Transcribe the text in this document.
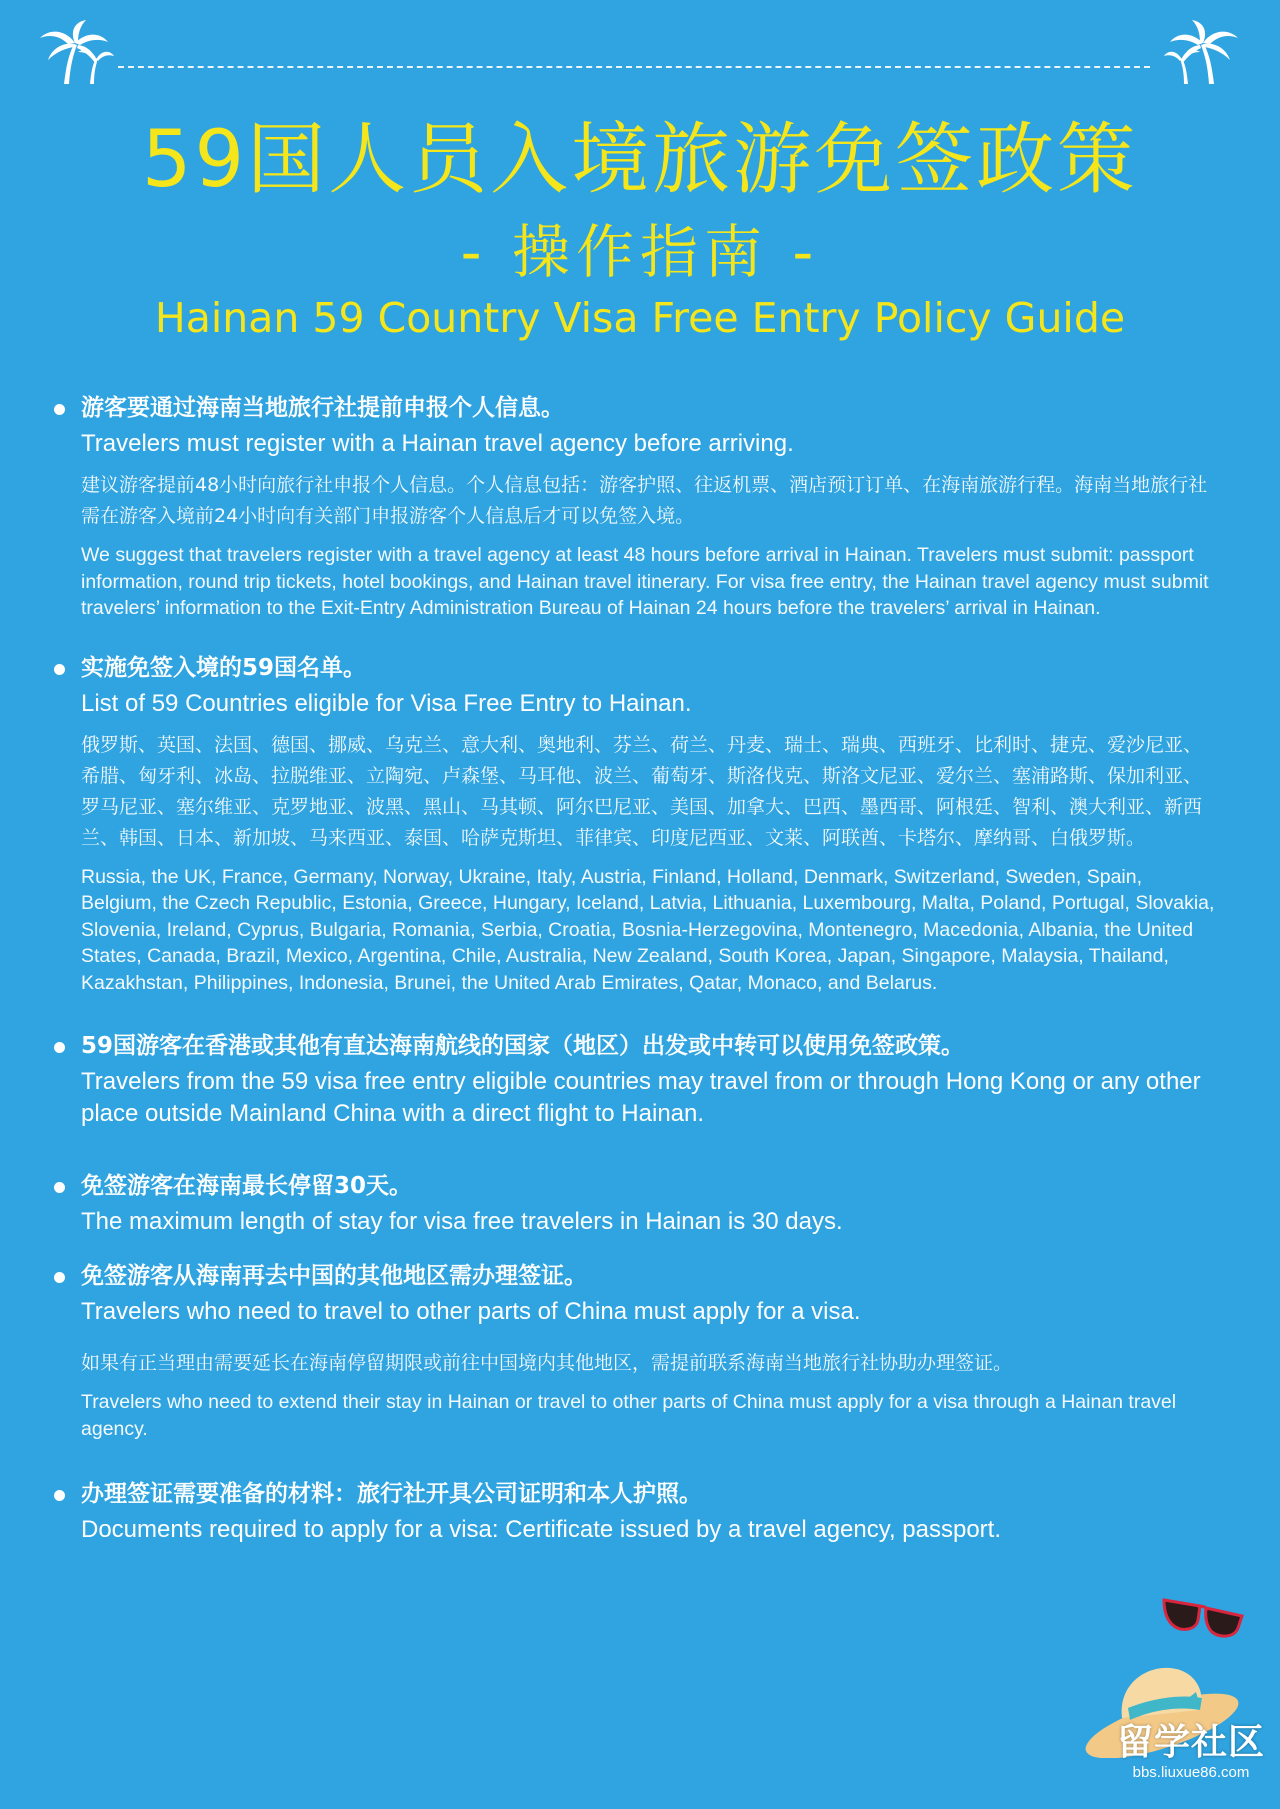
59国人员入境旅游免签政策
- 操作指南 -
Hainan 59 Country Visa Free Entry Policy Guide

游客要通过海南当地旅行社提前申报个人信息。

Travelers must register with a Hainan travel agency before arriving.

建议游客提前48小时向旅行社申报个人信息。个人信息包括：游客护照、往返机票、酒店预订订单、在海南旅游行程。海南当地旅行社需在游客入境前24小时向有关部门申报游客个人信息后才可以免签入境。

We suggest that travelers register with a travel agency at least 48 hours before arrival in Hainan. Travelers must submit: passport information, round trip tickets, hotel bookings, and Hainan travel itinerary. For visa free entry, the Hainan travel agency must submit travelers’ information to the Exit-Entry Administration Bureau of Hainan 24 hours before the travelers’ arrival in Hainan.

实施免签入境的59国名单。

List of 59 Countries eligible for Visa Free Entry to Hainan.

俄罗斯、英国、法国、德国、挪威、乌克兰、意大利、奥地利、芬兰、荷兰、丹麦、瑞士、瑞典、西班牙、比利时、捷克、爱沙尼亚、希腊、匈牙利、冰岛、拉脱维亚、立陶宛、卢森堡、马耳他、波兰、葡萄牙、斯洛伐克、斯洛文尼亚、爱尔兰、塞浦路斯、保加利亚、罗马尼亚、塞尔维亚、克罗地亚、波黑、黑山、马其顿、阿尔巴尼亚、美国、加拿大、巴西、墨西哥、阿根廷、智利、澳大利亚、新西兰、韩国、日本、新加坡、马来西亚、泰国、哈萨克斯坦、菲律宾、印度尼西亚、文莱、阿联酋、卡塔尔、摩纳哥、白俄罗斯。

Russia, the UK, France, Germany, Norway, Ukraine, Italy, Austria, Finland, Holland, Denmark, Switzerland, Sweden, Spain, Belgium, the Czech Republic, Estonia, Greece, Hungary, Iceland, Latvia, Lithuania, Luxembourg, Malta, Poland, Portugal, Slovakia, Slovenia, Ireland, Cyprus, Bulgaria, Romania, Serbia, Croatia, Bosnia-Herzegovina, Montenegro, Macedonia, Albania, the United States, Canada, Brazil, Mexico, Argentina, Chile, Australia, New Zealand, South Korea, Japan, Singapore, Malaysia, Thailand, Kazakhstan, Philippines, Indonesia, Brunei, the United Arab Emirates, Qatar, Monaco, and Belarus.

59国游客在香港或其他有直达海南航线的国家（地区）出发或中转可以使用免签政策。

Travelers from the 59 visa free entry eligible countries may travel from or through Hong Kong or any other place outside Mainland China with a direct flight to Hainan.

免签游客在海南最长停留30天。

The maximum length of stay for visa free travelers in Hainan is 30 days.

免签游客从海南再去中国的其他地区需办理签证。

Travelers who need to travel to other parts of China must apply for a visa.

如果有正当理由需要延长在海南停留期限或前往中国境内其他地区，需提前联系海南当地旅行社协助办理签证。

Travelers who need to extend their stay in Hainan or travel to other parts of China must apply for a visa through a Hainan travel agency.

办理签证需要准备的材料：旅行社开具公司证明和本人护照。

Documents required to apply for a visa: Certificate issued by a travel agency, passport.

留学社区
bbs.liuxue86.com
